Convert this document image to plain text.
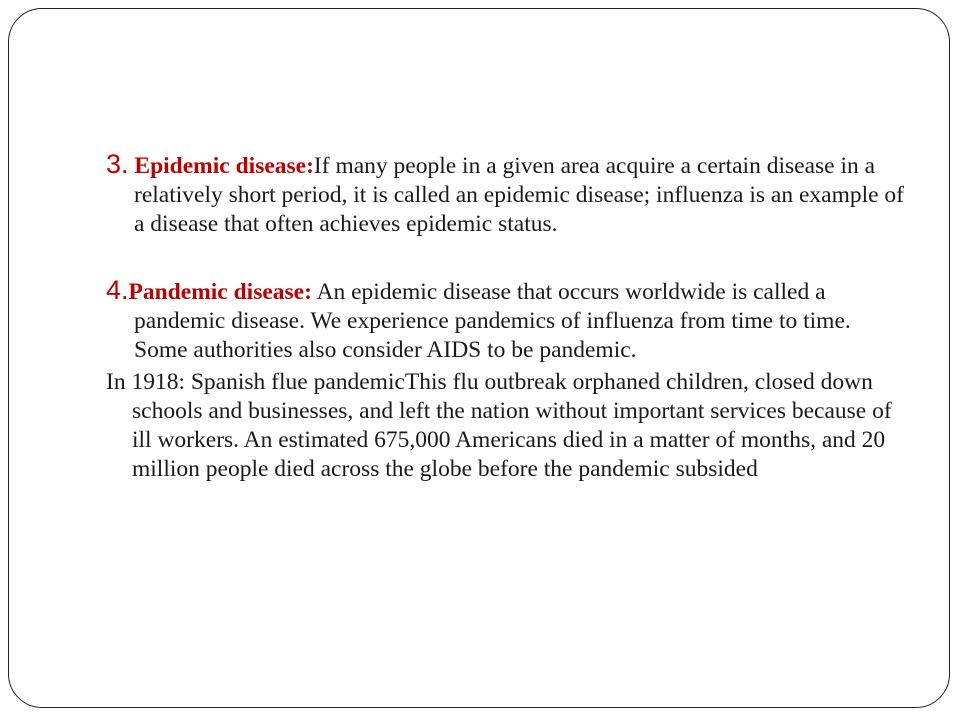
3. Epidemic disease:If many people in a given area acquire a certain disease in a relatively short period, it is called an epidemic disease; influenza is an example of a disease that often achieves epidemic status.

4.Pandemic disease: An epidemic disease that occurs worldwide is called a pandemic disease. We experience pandemics of influenza from time to time. Some authorities also consider AIDS to be pandemic.

In 1918: Spanish flue pandemicThis flu outbreak orphaned children, closed down schools and businesses, and left the nation without important services because of ill workers. An estimated 675,000 Americans died in a matter of months, and 20 million people died across the globe before the pandemic subsided
